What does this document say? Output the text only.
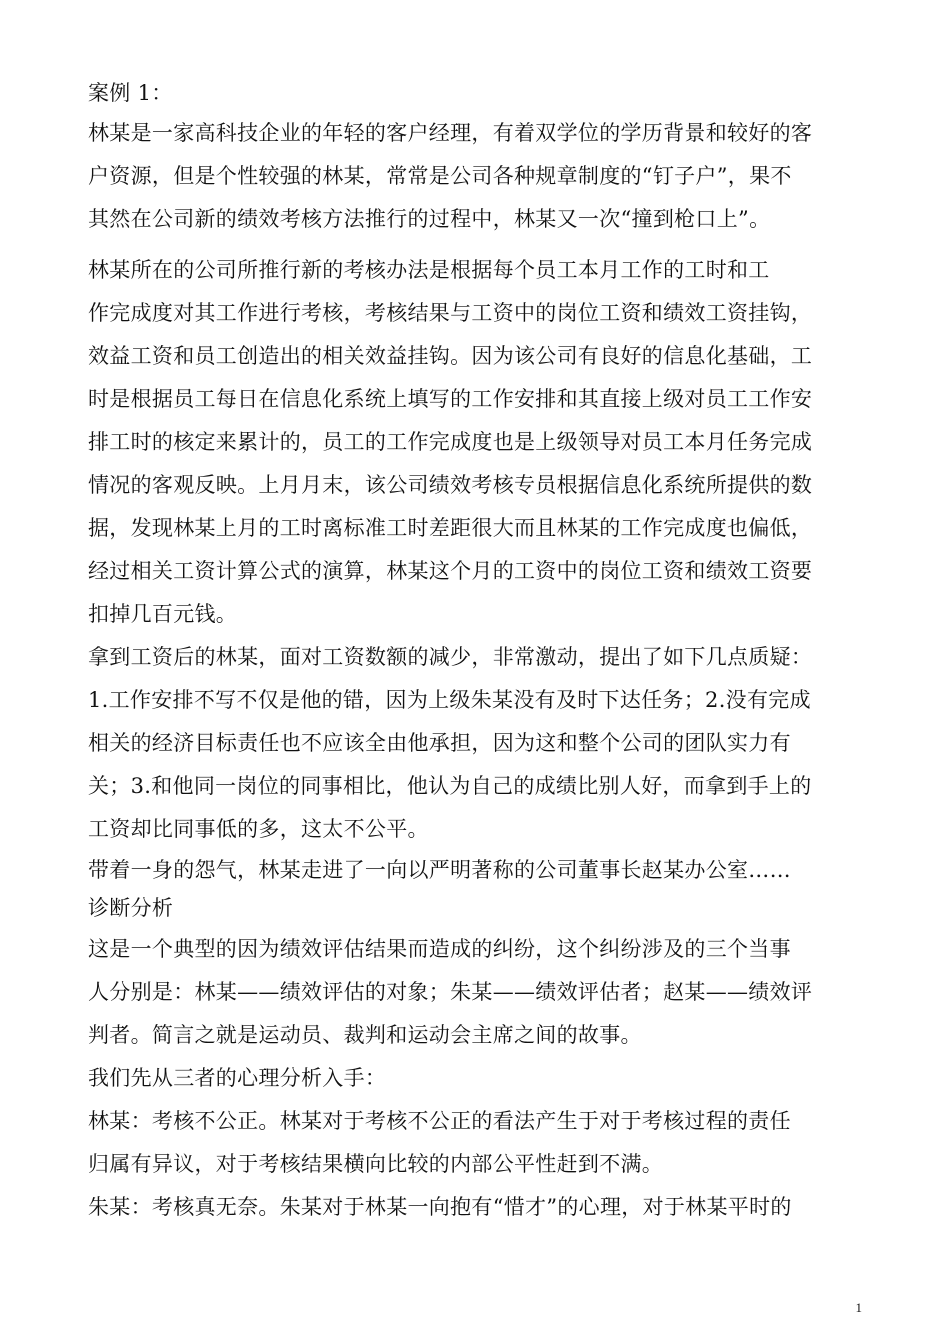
案例 1：
林某是一家高科技企业的年轻的客户经理，有着双学位的学历背景和较好的客
户资源，但是个性较强的林某，常常是公司各种规章制度的“钉子户”，果不
其然在公司新的绩效考核方法推行的过程中，林某又一次“撞到枪口上”。
林某所在的公司所推行新的考核办法是根据每个员工本月工作的工时和工
作完成度对其工作进行考核，考核结果与工资中的岗位工资和绩效工资挂钩，
效益工资和员工创造出的相关效益挂钩。因为该公司有良好的信息化基础，工
时是根据员工每日在信息化系统上填写的工作安排和其直接上级对员工工作安
排工时的核定来累计的，员工的工作完成度也是上级领导对员工本月任务完成
情况的客观反映。上月月末，该公司绩效考核专员根据信息化系统所提供的数
据，发现林某上月的工时离标准工时差距很大而且林某的工作完成度也偏低，
经过相关工资计算公式的演算，林某这个月的工资中的岗位工资和绩效工资要
扣掉几百元钱。
拿到工资后的林某，面对工资数额的减少，非常激动，提出了如下几点质疑：
1.工作安排不写不仅是他的错，因为上级朱某没有及时下达任务；2.没有完成
相关的经济目标责任也不应该全由他承担，因为这和整个公司的团队实力有
关；3.和他同一岗位的同事相比，他认为自己的成绩比别人好，而拿到手上的
工资却比同事低的多，这太不公平。
带着一身的怨气，林某走进了一向以严明著称的公司董事长赵某办公室……
诊断分析
这是一个典型的因为绩效评估结果而造成的纠纷，这个纠纷涉及的三个当事
人分别是：林某——绩效评估的对象；朱某——绩效评估者；赵某——绩效评
判者。简言之就是运动员、裁判和运动会主席之间的故事。
我们先从三者的心理分析入手：
林某：考核不公正。林某对于考核不公正的看法产生于对于考核过程的责任
归属有异议，对于考核结果横向比较的内部公平性赶到不满。
朱某：考核真无奈。朱某对于林某一向抱有“惜才”的心理，对于林某平时的
1
